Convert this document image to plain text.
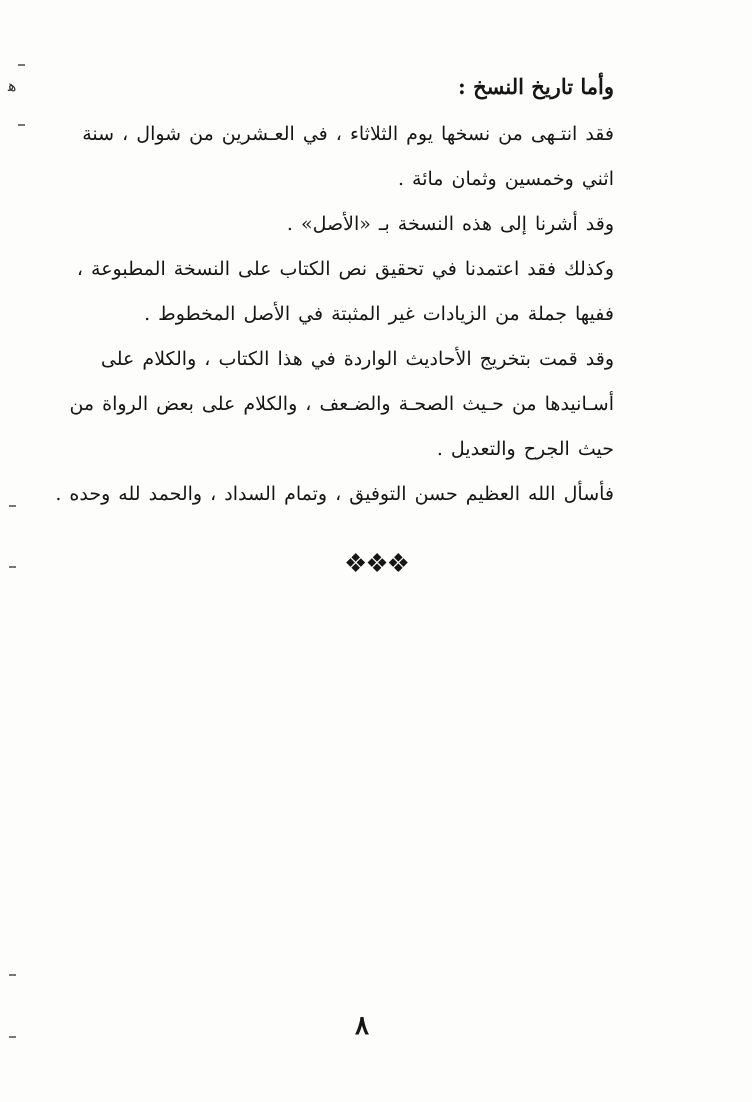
ﻫ	وأما تاريخ النسخ :
فقد انتـهى من نسخها يوم الثلاثاء ، في العـشرين من شوال ، سنة
اثني وخمسين وثمان مائة .
وقد أشرنا إلى هذه النسخة بـ «الأصل» .
وكذلك فقد اعتمدنا في تحقيق نص الكتاب على النسخة المطبوعة ،
ففيها جملة من الزيادات غير المثبتة في الأصل المخطوط .
وقد قمت بتخريج الأحاديث الواردة في هذا الكتاب ، والكلام على
أسـانيدها من حـيث الصحـة والضـعف ، والكلام على بعض الرواة من
حيث الجرح والتعديل .
فأسأل الله العظيم حسن التوفيق ، وتمام السداد ، والحمد لله وحده .
❖❖❖
٨
